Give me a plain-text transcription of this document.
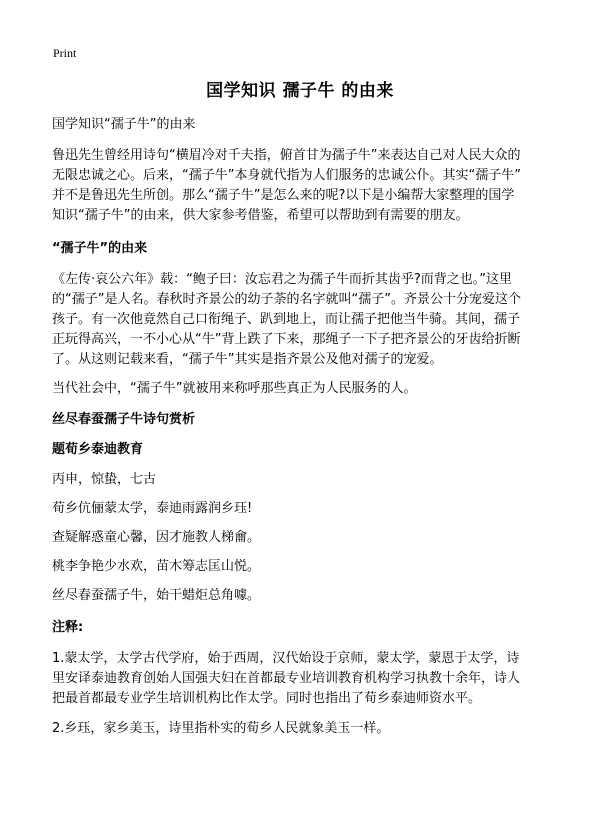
Print
国学知识 孺子牛 的由来
国学知识“孺子牛”的由来
鲁迅先生曾经用诗句“横眉冷对千夫指，俯首甘为孺子牛”来表达自己对人民大众的
无限忠诚之心。后来，“孺子牛”本身就代指为人们服务的忠诚公仆。其实“孺子牛”
并不是鲁迅先生所创。那么“孺子牛”是怎么来的呢?以下是小编帮大家整理的国学
知识“孺子牛”的由来，供大家参考借鉴，希望可以帮助到有需要的朋友。
“孺子牛”的由来
《左传·哀公六年》载：“鲍子曰：汝忘君之为孺子牛而折其齿乎?而背之也。”这里
的“孺子”是人名。春秋时齐景公的幼子荼的名字就叫“孺子”。齐景公十分宠爱这个
孩子。有一次他竟然自己口衔绳子、趴到地上，而让孺子把他当牛骑。其间，孺子
正玩得高兴，一不小心从“牛”背上跌了下来，那绳子一下子把齐景公的牙齿给折断
了。从这则记载来看，“孺子牛”其实是指齐景公及他对孺子的宠爱。
当代社会中，“孺子牛”就被用来称呼那些真正为人民服务的人。
丝尽春蚕孺子牛诗句赏析
题荀乡泰迪教育
丙申，惊蛰，七古
荀乡伉俪蒙太学，泰迪雨露润乡珏!
查疑解惑童心馨，因才施教人梯龠。
桃李争艳少水欢，苗木筹志匡山悦。
丝尽春蚕孺子牛，始干蜡炬总角噱。
注释:
1.蒙太学，太学古代学府，始于西周，汉代始设于京师，蒙太学，蒙恩于太学，诗
里安译泰迪教育创始人国强夫妇在首都最专业培训教育机构学习执教十余年，诗人
把最首都最专业学生培训机构比作太学。同时也指出了荀乡泰迪师资水平。
2.乡珏，家乡美玉，诗里指朴实的荀乡人民就象美玉一样。
